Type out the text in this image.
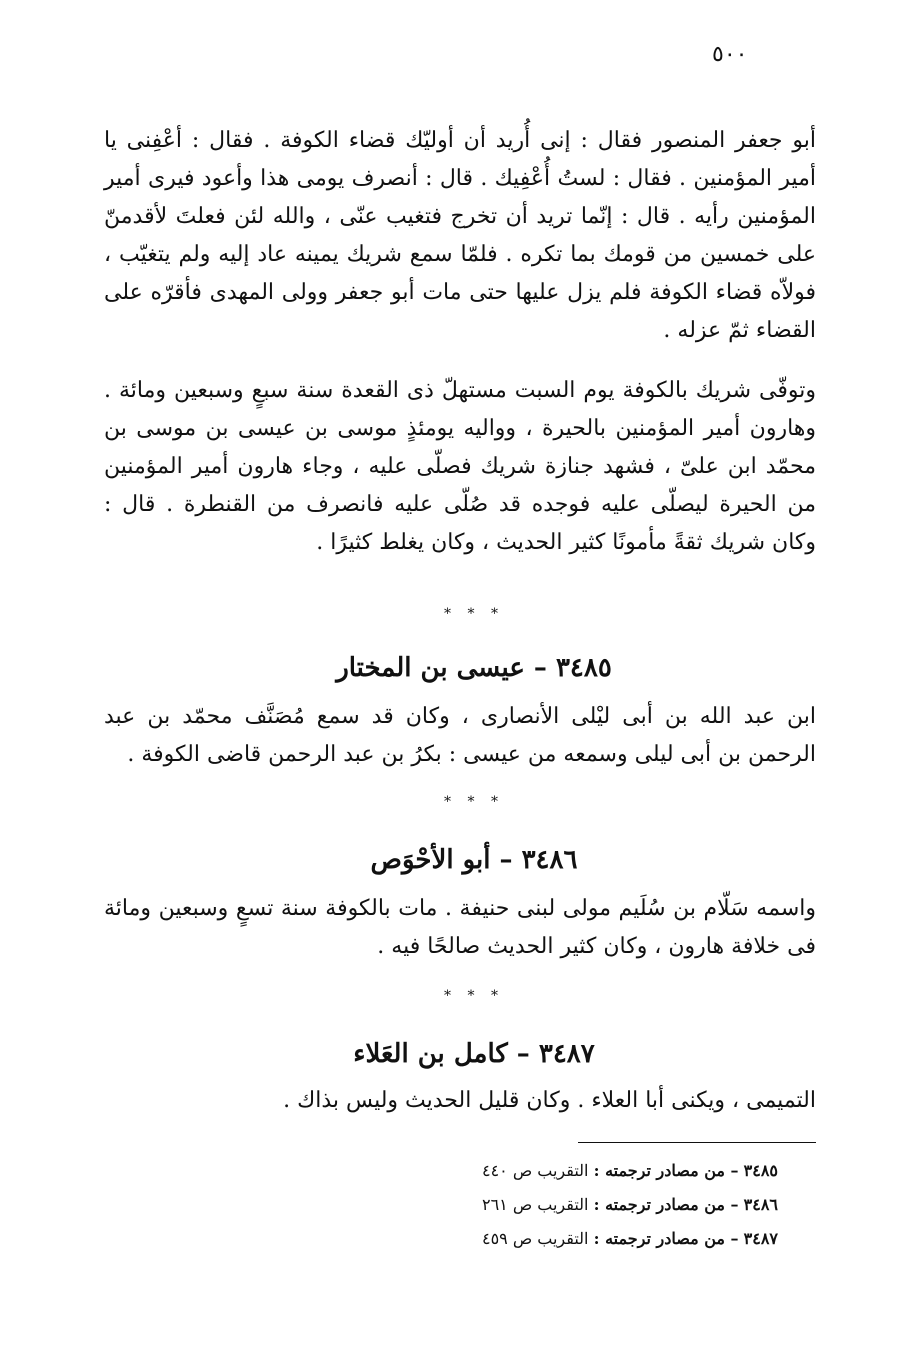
٥٠٠
أبو جعفر المنصور فقال : إنى أُريد أن أوليّك قضاء الكوفة . فقال : أعْفِنى يا أمير المؤمنين . فقال : لستُ أُعْفِيك . قال : أنصرف يومى هذا وأعود فيرى أمير المؤمنين رأيه . قال : إنّما تريد أن تخرج فتغيب عنّى ، والله لئن فعلتَ لأقدمنّ على خمسين من قومك بما تكره . فلمّا سمع شريك يمينه عاد إليه ولم يتغيّب ، فولاّه قضاء الكوفة فلم يزل عليها حتى مات أبو جعفر وولى المهدى فأقرّه على القضاء ثمّ عزله .
وتوفّى شريك بالكوفة يوم السبت مستهلّ ذى القعدة سنة سبعٍ وسبعين ومائة . وهارون أمير المؤمنين بالحيرة ، وواليه يومئذٍ موسى بن عيسى بن موسى بن محمّد ابن علىّ ، فشهد جنازة شريك فصلّى عليه ، وجاء هارون أمير المؤمنين من الحيرة ليصلّى عليه فوجده قد صُلّى عليه فانصرف من القنطرة . قال : وكان شريك ثقةً مأمونًا كثير الحديث ، وكان يغلط كثيرًا .
* * *
٣٤٨٥ – عيسى بن المختار
ابن عبد الله بن أبى ليْلى الأنصارى ، وكان قد سمع مُصَنَّف محمّد بن عبد الرحمن بن أبى ليلى وسمعه من عيسى : بكرُ بن عبد الرحمن قاضى الكوفة .
* * *
٣٤٨٦ – أبو الأحْوَص
واسمه سَلّام بن سُلَيم مولى لبنى حنيفة . مات بالكوفة سنة تسعٍ وسبعين ومائة فى خلافة هارون ، وكان كثير الحديث صالحًا فيه .
* * *
٣٤٨٧ – كامل بن العَلاء
التميمى ، ويكنى أبا العلاء . وكان قليل الحديث وليس بذاك .
٣٤٨٥ – من مصادر ترجمته : التقريب ص ٤٤٠
٣٤٨٦ – من مصادر ترجمته : التقريب ص ٢٦١
٣٤٨٧ – من مصادر ترجمته : التقريب ص ٤٥٩
